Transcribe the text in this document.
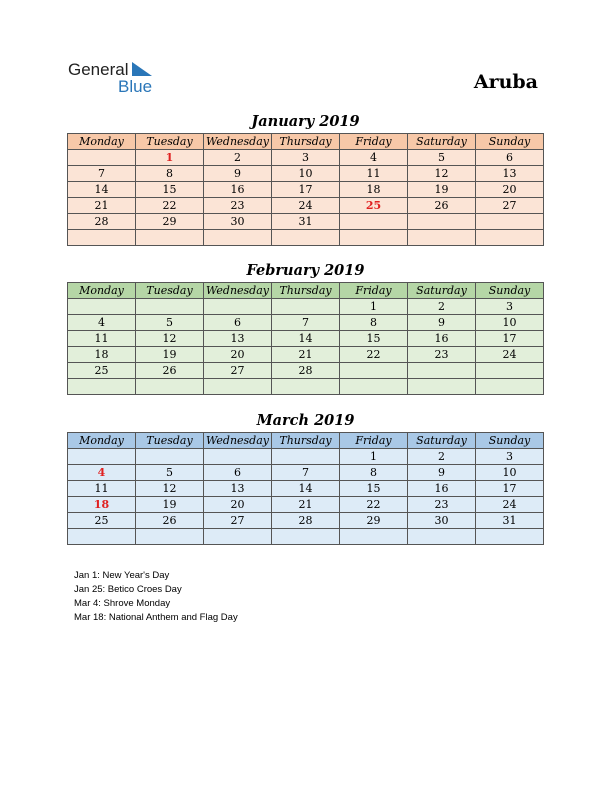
General
Blue	Aruba
January 2019
Monday	Tuesday	Wednesday	Thursday	Friday	Saturday	Sunday
	1	2	3	4	5	6
7	8	9	10	11	12	13
14	15	16	17	18	19	20
21	22	23	24	25	26	27
28	29	30	31			

February 2019
Monday	Tuesday	Wednesday	Thursday	Friday	Saturday	Sunday
				1	2	3
4	5	6	7	8	9	10
11	12	13	14	15	16	17
18	19	20	21	22	23	24
25	26	27	28			

March 2019
Monday	Tuesday	Wednesday	Thursday	Friday	Saturday	Sunday
				1	2	3
4	5	6	7	8	9	10
11	12	13	14	15	16	17
18	19	20	21	22	23	24
25	26	27	28	29	30	31

Jan 1: New Year's Day
Jan 25: Betico Croes Day
Mar 4: Shrove Monday
Mar 18: National Anthem and Flag Day
